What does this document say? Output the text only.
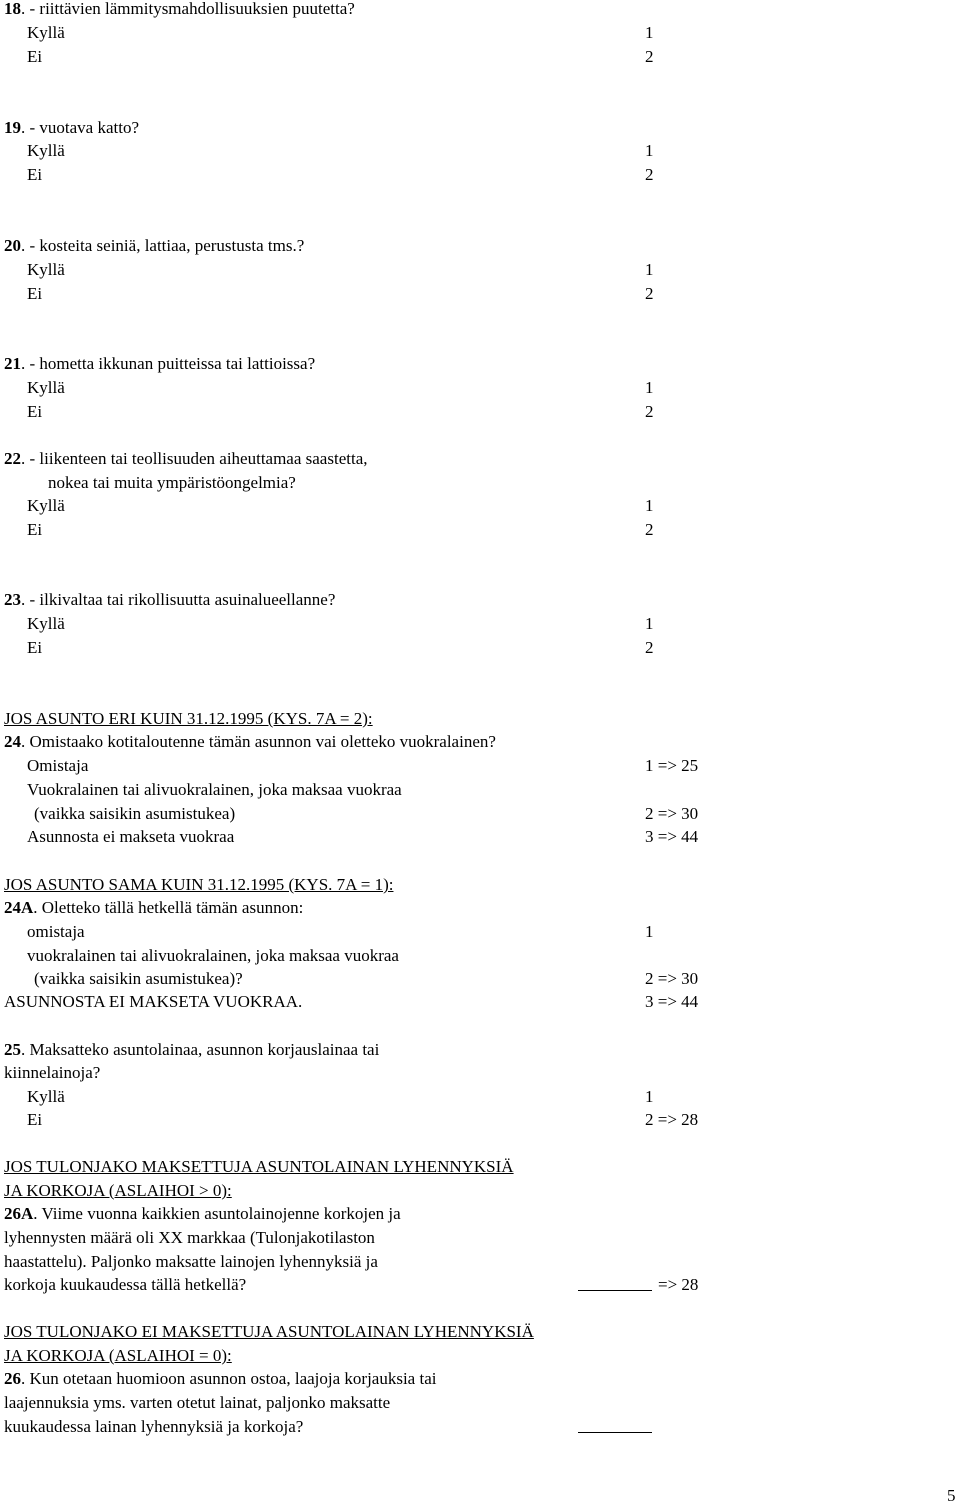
18. - riittävien lämmitysmahdollisuuksien puutetta?
Kyllä	1
Ei	2
19. - vuotava katto?
Kyllä	1
Ei	2
20. - kosteita seiniä, lattiaa, perustusta tms.?
Kyllä	1
Ei	2
21. - hometta ikkunan puitteissa tai lattioissa?
Kyllä	1
Ei	2
22. - liikenteen tai teollisuuden aiheuttamaa saastetta,
nokea tai muita ympäristöongelmia?
Kyllä	1
Ei	2
23. - ilkivaltaa tai rikollisuutta asuinalueellanne?
Kyllä	1
Ei	2
JOS ASUNTO ERI KUIN 31.12.1995 (KYS. 7A = 2):
24. Omistaako kotitaloutenne tämän asunnon vai oletteko vuokralainen?
Omistaja	1 => 25
Vuokralainen tai alivuokralainen, joka maksaa vuokraa
(vaikka saisikin asumistukea)	2 => 30
Asunnosta ei makseta vuokraa	3 => 44
JOS ASUNTO SAMA KUIN 31.12.1995 (KYS. 7A = 1):
24A. Oletteko tällä hetkellä tämän asunnon:
omistaja	1
vuokralainen tai alivuokralainen, joka maksaa vuokraa
(vaikka saisikin asumistukea)?	2 => 30
ASUNNOSTA EI MAKSETA VUOKRAA.	3 => 44
25. Maksatteko asuntolainaa, asunnon korjauslainaa tai
kiinnelainoja?
Kyllä	1
Ei	2 => 28
JOS TULONJAKO MAKSETTUJA ASUNTOLAINAN LYHENNYKSIÄ
JA KORKOJA (ASLAIHOI > 0):
26A. Viime vuonna kaikkien asuntolainojenne korkojen ja
lyhennysten määrä oli XX markkaa (Tulonjakotilaston
haastattelu). Paljonko maksatte lainojen lyhennyksiä ja
korkoja kuukaudessa tällä hetkellä?	=> 28
JOS TULONJAKO EI MAKSETTUJA ASUNTOLAINAN LYHENNYKSIÄ
JA KORKOJA (ASLAIHOI = 0):
26. Kun otetaan huomioon asunnon ostoa, laajoja korjauksia tai
laajennuksia yms. varten otetut lainat, paljonko maksatte
kuukaudessa lainan lyhennyksiä ja korkoja?
5
